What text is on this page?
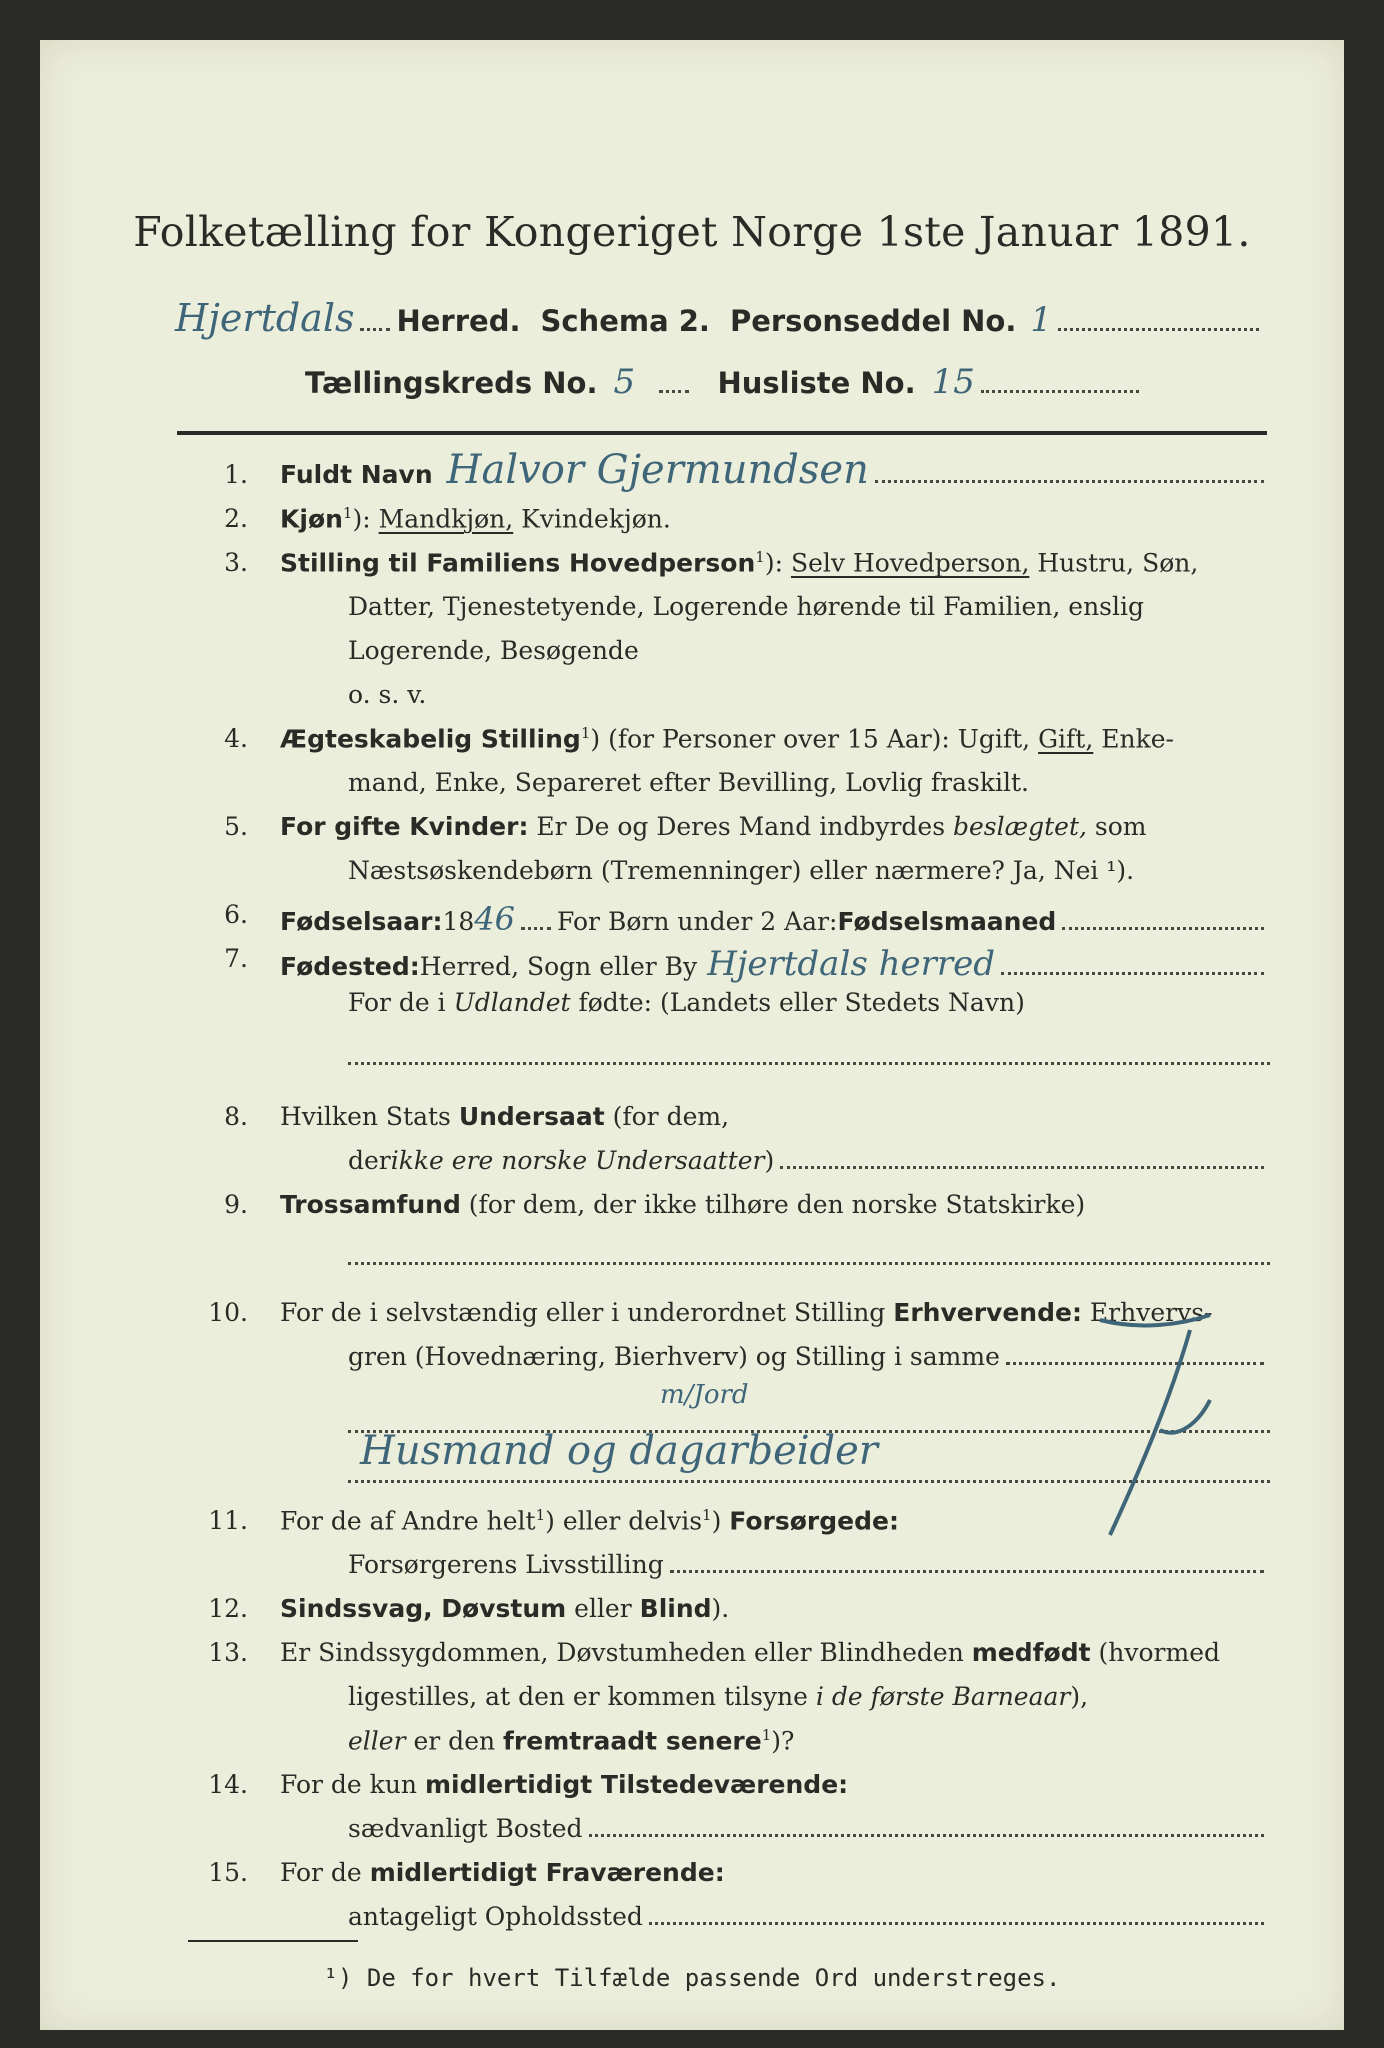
Folketælling for Kongeriget Norge 1ste Januar 1891.
Hjertdals Herred. Schema 2. Personseddel No. 1
Tællingskreds No. 5	Husliste No. 15
1. Fuldt Navn Halvor Gjermundsen
2. Kjøn$^1$): Mandkjøn, Kvindekjøn.
3. Stilling til Familiens Hovedperson$^1$): Selv Hovedperson, Hustru, Søn,
Datter, Tjenestetyende, Logerende hørende til Familien, enslig
Logerende, Besøgende
o. s. v.
4. Ægteskabelig Stilling$^1$) (for Personer over 15 Aar): Ugift, Gift, Enke-
mand, Enke, Separeret efter Bevilling, Lovlig fraskilt.
5. For gifte Kvinder: Er De og Deres Mand indbyrdes beslægtet, som
Næstsøskendebørn (Tremenninger) eller nærmere? Ja, Nei ¹).
6. Fødselsaar: 18 46 For Børn under 2 Aar: Fødselsmaaned
7. Fødested: Herred, Sogn eller By Hjertdals herred
For de i Udlandet fødte: (Landets eller Stedets Navn)
8. Hvilken Stats Undersaat (for dem,
der ikke ere norske Undersaatter )
9. Trossamfund (for dem, der ikke tilhøre den norske Statskirke)
10. For de i selvstændig eller i underordnet Stilling Erhvervende: Erhvervs-
gren (Hovednæring, Bierhverv) og Stilling i samme
m/Jord
Husmand og dagarbeider
11. For de af Andre helt$^1$) eller delvis$^1$) Forsørgede:
Forsørgerens Livsstilling
12. Sindssvag, Døvstum eller Blind).
13. Er Sindssygdommen, Døvstumheden eller Blindheden medfødt (hvormed
ligestilles, at den er kommen tilsyne i de første Barneaar),
eller er den fremtraadt senere$^1$)?
14. For de kun midlertidigt Tilstedeværende:
sædvanligt Bosted
15. For de midlertidigt Fraværende:
antageligt Opholdssted
¹) De for hvert Tilfælde passende Ord understreges.
